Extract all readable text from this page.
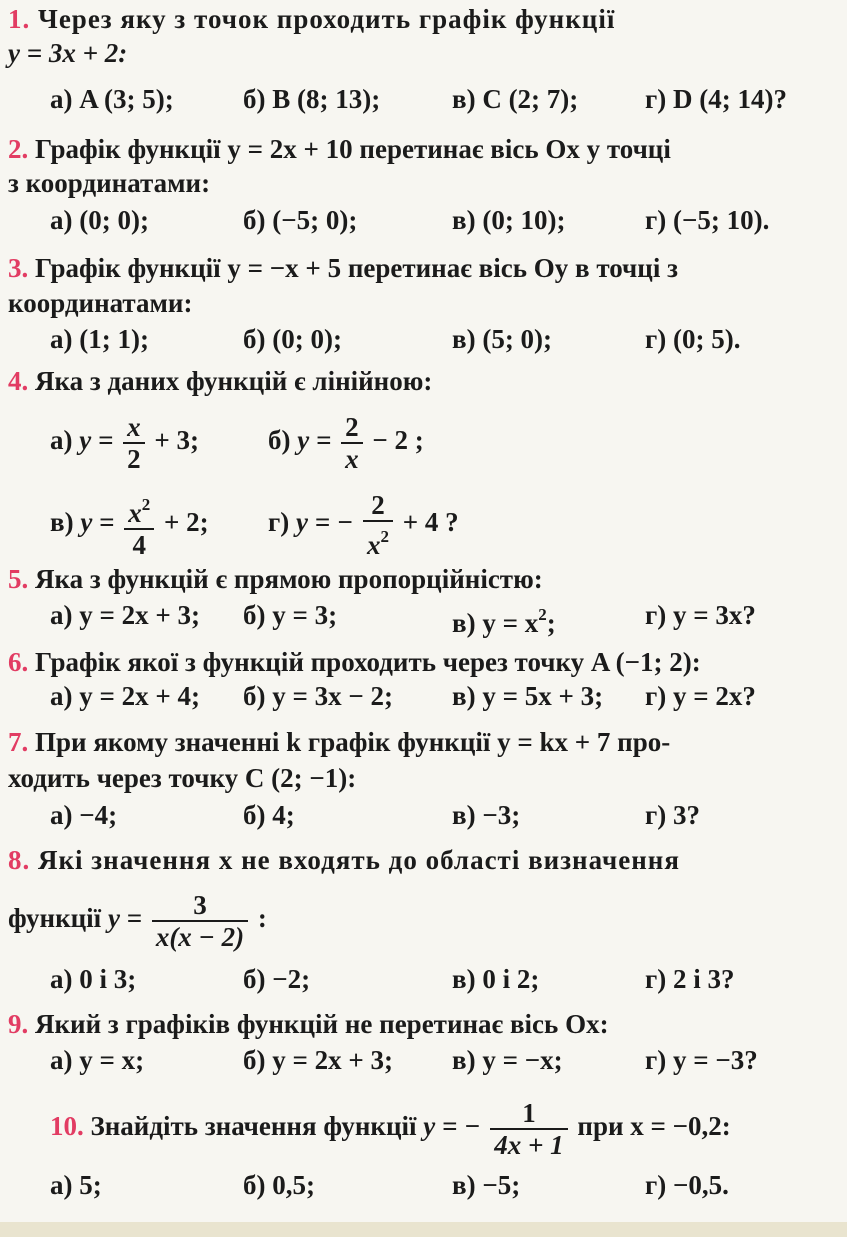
1. Через яку з точок проходить графік функції
y = 3x + 2:
а) A (3; 5);	б) B (8; 13);	в) C (2; 7); г) D (4; 14)?
2. Графік функції y = 2x + 10 перетинає вісь Ox у точці
з координатами:
а) (0; 0);	б) (−5; 0);	в) (0; 10);	г) (−5; 10).
3. Графік функції y = −x + 5 перетинає вісь Oy в точці з
координатами:
а) (1; 1);	б) (0; 0);	в) (5; 0);	г) (0; 5).
4. Яка з даних функцій є лінійною:
а) $y = \frac{x}{2} + 3$;	б) $y = \frac{2}{x} - 2$ ;
в) $y = \frac{x^2}{4} + 2$; г) y = − $\frac{2}{x^2} + 4$ ?
5. Яка з функцій є прямою пропорційністю:
а) y = 2x + 3; б) y = 3;	в) $y = x^2$;	г) y = 3x?
6. Графік якої з функцій проходить через точку A (−1; 2):
а) y = 2x + 4; б) y = 3x − 2; в) y = 5x + 3; г) y = 2x?
7. При якому значенні k графік функції y = kx + 7 про-
ходить через точку C (2; −1):
а) −4;	б) 4;	в) −3;	г) 3?
8. Які значення x не входять до області визначення
функції $y = \frac{3}{x(x - 2)}$ :
а) 0 і 3;	б) −2;	в) 0 і 2;	г) 2 і 3?
9. Який з графіків функцій не перетинає вісь Ox:
а) y = x;	б) y = 2x + 3; в) y = −x;	г) y = −3?
10. Знайдіть значення функції y = − $\frac{1}{4x + 1}$ при x = −0,2:
а) 5;	б) 0,5;	в) −5;	г) −0,5.
